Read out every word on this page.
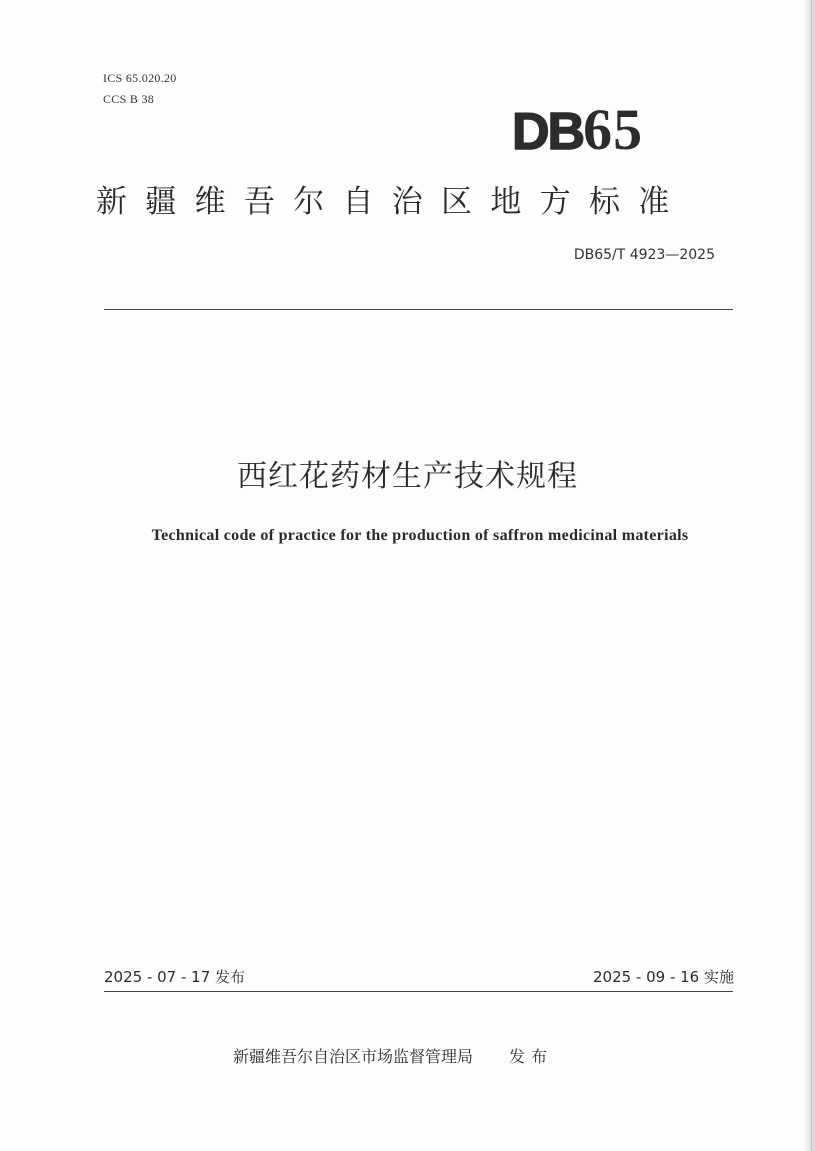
ICS 65.020.20
CCS B 38
DB65
新疆维吾尔自治区地方标准
DB65/T 4923—2025
西红花药材生产技术规程
Technical code of practice for the production of saffron medicinal materials
2025 - 07 - 17 发布	2025 - 09 - 16 实施
新疆维吾尔自治区市场监督管理局 发布
